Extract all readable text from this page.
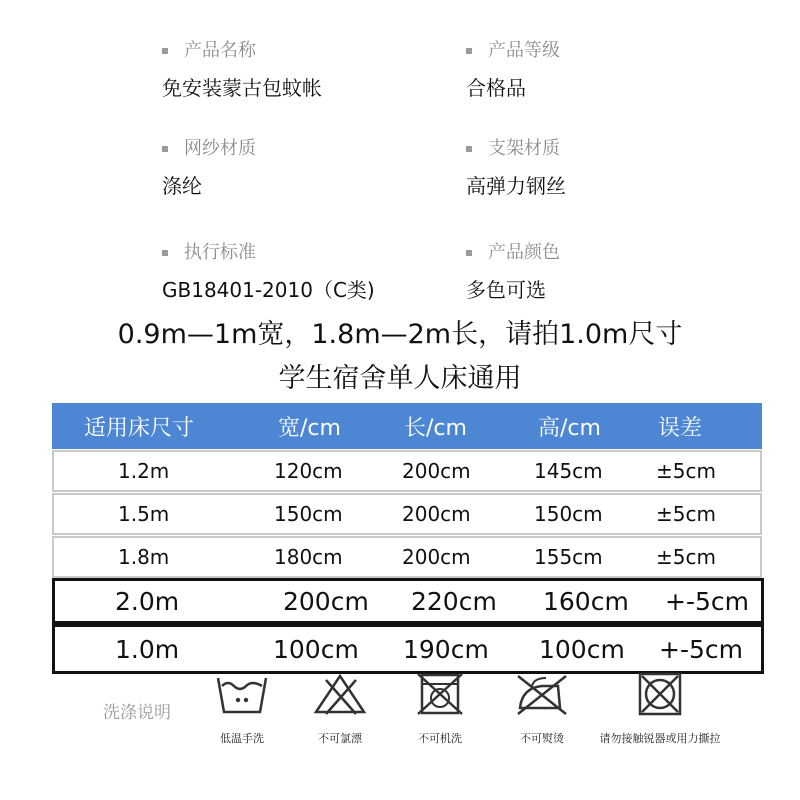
产品名称
免安装蒙古包蚊帐
产品等级
合格品
网纱材质
涤纶
支架材质
高弹力钢丝
执行标准
GB18401-2010（C类)
产品颜色
多色可选
0.9m—1m宽，1.8m—2m长，请拍1.0m尺寸
学生宿舍单人床通用
适用床尺寸	宽/cm	长/cm	高/cm	误差
1.2m	120cm	200cm	145cm	±5cm
1.5m	150cm	200cm	150cm	±5cm
1.8m	180cm	200cm	155cm	±5cm
2.0m	200cm 220cm 160cm +-5cm
1.0m	100cm 190cm 100cm +-5cm
洗涤说明
低温手洗	不可氯漂	不可机洗	不可熨烫	请勿接触锐器或用力撕拉
